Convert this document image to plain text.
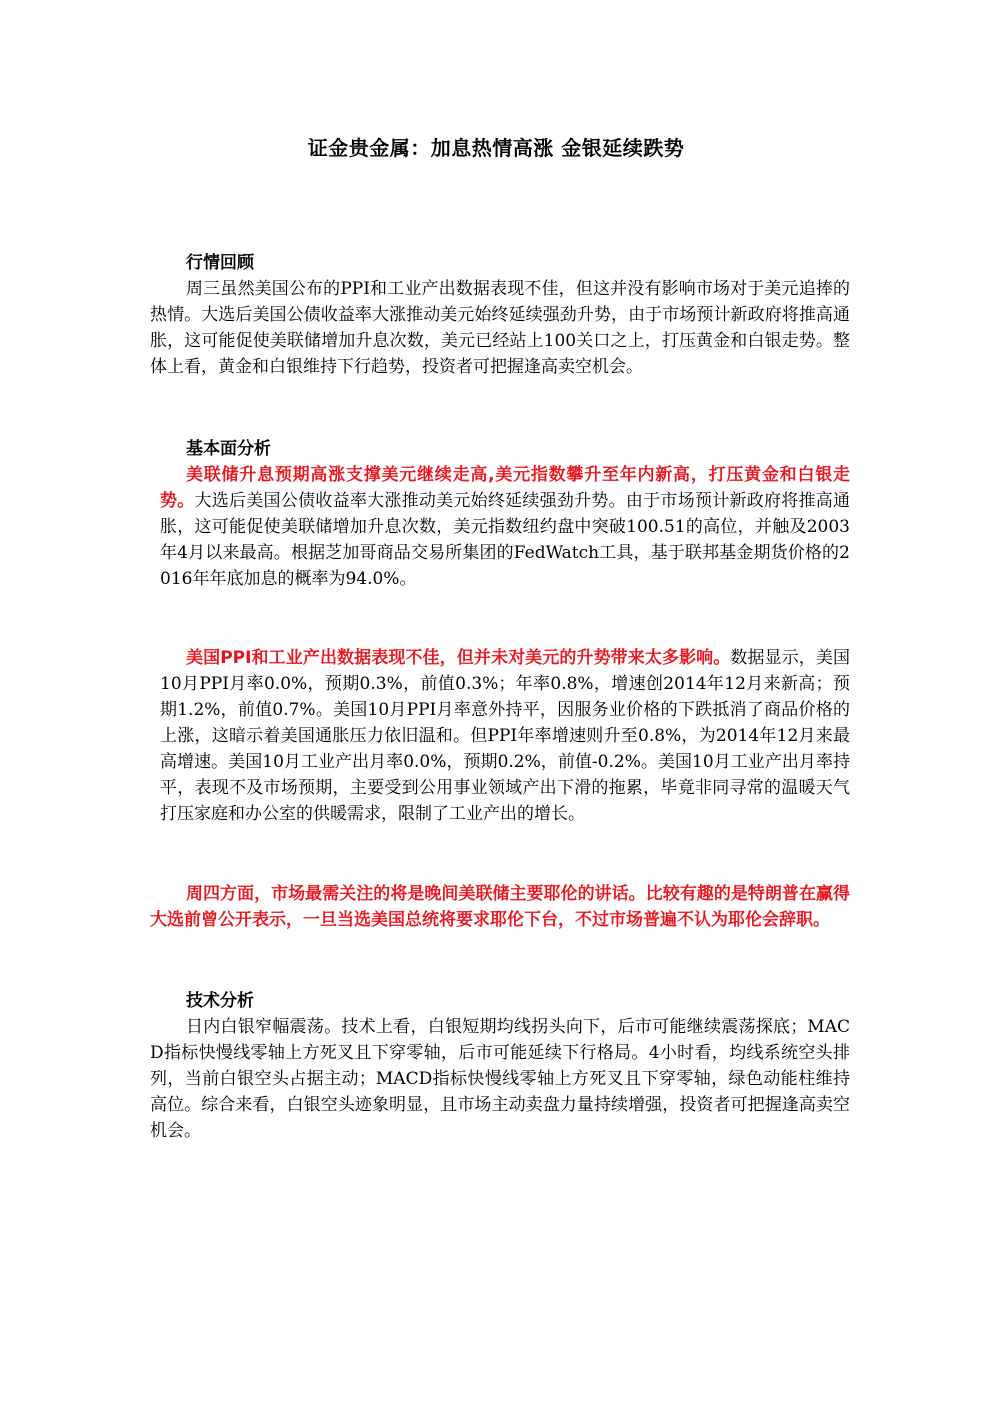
证金贵金属：加息热情高涨 金银延续跌势
行情回顾

周三虽然美国公布的PPI和工业产出数据表现不佳，但这并没有影响市场对于美元追捧的热情。大选后美国公债收益率大涨推动美元始终延续强劲升势，由于市场预计新政府将推高通胀，这可能促使美联储增加升息次数，美元已经站上100关口之上，打压黄金和白银走势。整体上看，黄金和白银维持下行趋势，投资者可把握逢高卖空机会。

基本面分析

美联储升息预期高涨支撑美元继续走高,美元指数攀升至年内新高，打压黄金和白银走势。大选后美国公债收益率大涨推动美元始终延续强劲升势。由于市场预计新政府将推高通胀，这可能促使美联储增加升息次数，美元指数纽约盘中突破100.51的高位，并触及2003年4月以来最高。根据芝加哥商品交易所集团的FedWatch工具，基于联邦基金期货价格的2016年年底加息的概率为94.0%。

美国PPI和工业产出数据表现不佳，但并未对美元的升势带来太多影响。数据显示，美国10月PPI月率0.0%，预期0.3%，前值0.3%；年率0.8%，增速创2014年12月来新高；预期1.2%，前值0.7%。美国10月PPI月率意外持平，因服务业价格的下跌抵消了商品价格的上涨，这暗示着美国通胀压力依旧温和。但PPI年率增速则升至0.8%，为2014年12月来最高增速。美国10月工业产出月率0.0%，预期0.2%，前值-0.2%。美国10月工业产出月率持平，表现不及市场预期，主要受到公用事业领域产出下滑的拖累，毕竟非同寻常的温暖天气打压家庭和办公室的供暖需求，限制了工业产出的增长。

周四方面，市场最需关注的将是晚间美联储主要耶伦的讲话。比较有趣的是特朗普在赢得大选前曾公开表示，一旦当选美国总统将要求耶伦下台，不过市场普遍不认为耶伦会辞职。

技术分析

日内白银窄幅震荡。技术上看，白银短期均线拐头向下，后市可能继续震荡探底；MACD指标快慢线零轴上方死叉且下穿零轴，后市可能延续下行格局。4小时看，均线系统空头排列，当前白银空头占据主动；MACD指标快慢线零轴上方死叉且下穿零轴，绿色动能柱维持高位。综合来看，白银空头迹象明显，且市场主动卖盘力量持续增强，投资者可把握逢高卖空机会。
